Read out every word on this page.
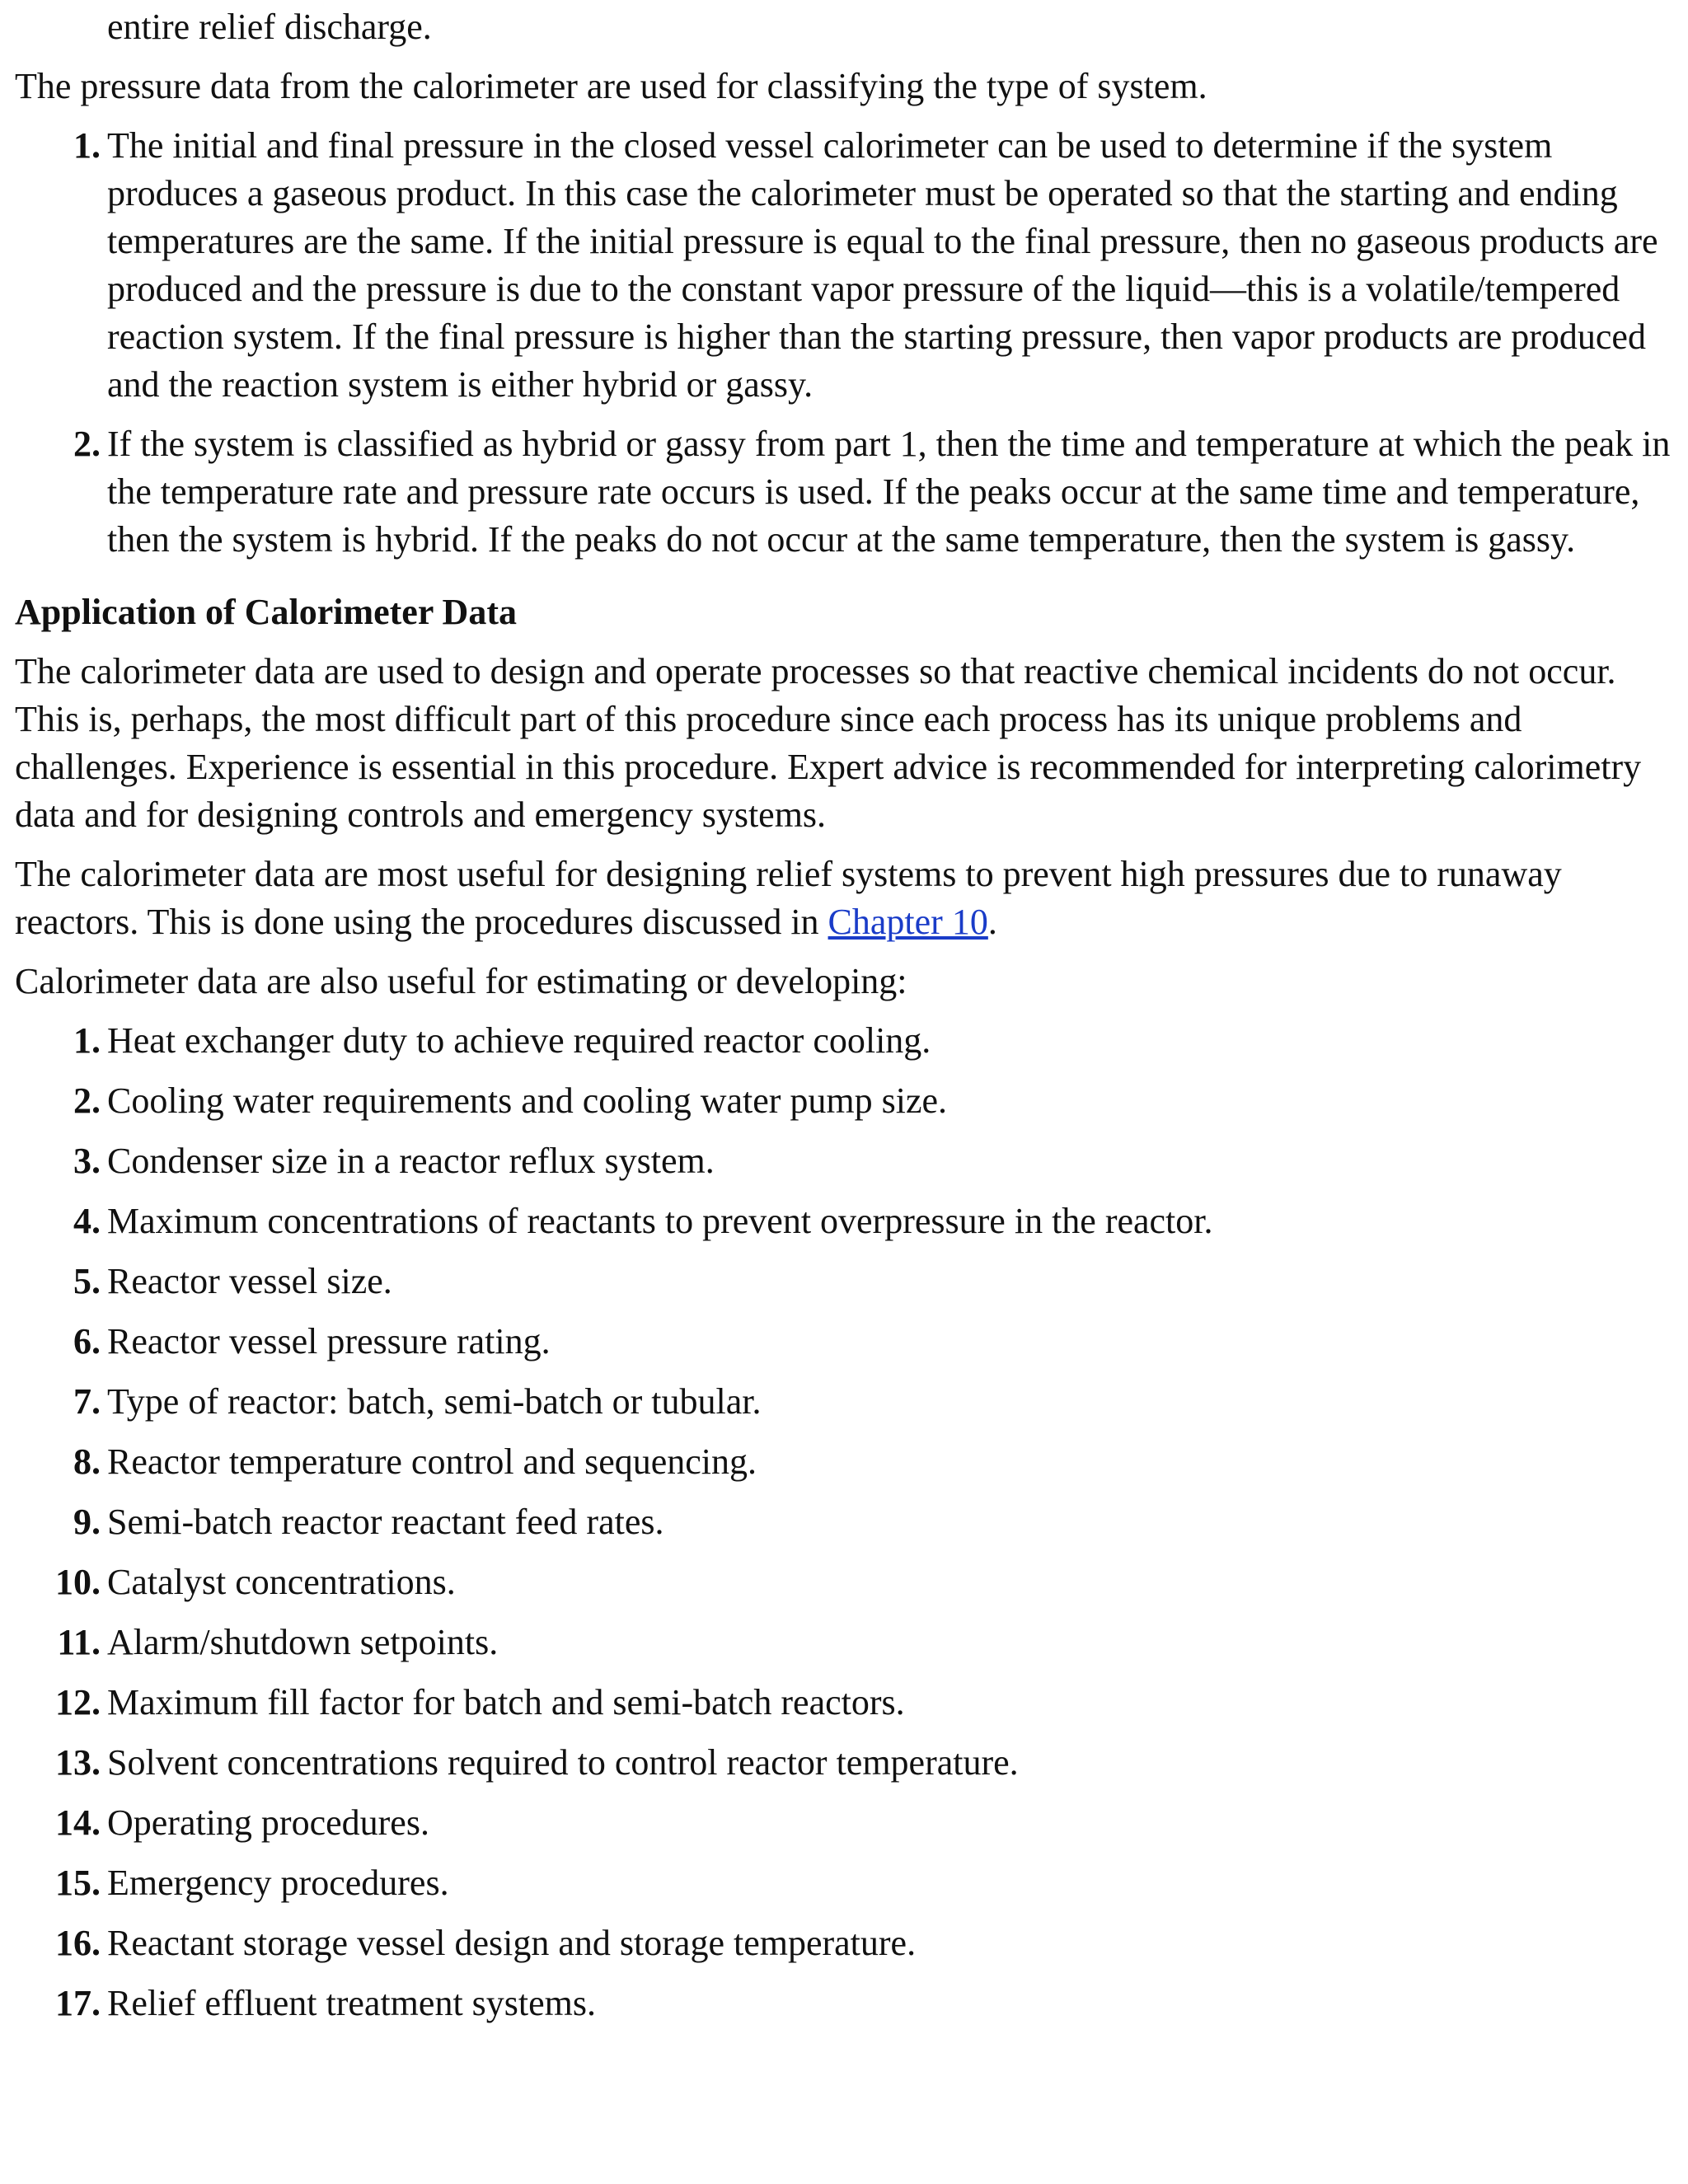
entire relief discharge.

The pressure data from the calorimeter are used for classifying the type of system.

1. The initial and final pressure in the closed vessel calorimeter can be used to determine if the system produces a gaseous product. In this case the calorimeter must be operated so that the starting and ending temperatures are the same. If the initial pressure is equal to the final pressure, then no gaseous products are produced and the pressure is due to the constant vapor pressure of the liquid—this is a volatile/tempered reaction system. If the final pressure is higher than the starting pressure, then vapor products are produced and the reaction system is either hybrid or gassy.
2. If the system is classified as hybrid or gassy from part 1, then the time and temperature at which the peak in the temperature rate and pressure rate occurs is used. If the peaks occur at the same time and temperature, then the system is hybrid. If the peaks do not occur at the same temperature, then the system is gassy.

Application of Calorimeter Data

The calorimeter data are used to design and operate processes so that reactive chemical incidents do not occur. This is, perhaps, the most difficult part of this procedure since each process has its unique problems and challenges. Experience is essential in this procedure. Expert advice is recommended for interpreting calorimetry data and for designing controls and emergency systems.

The calorimeter data are most useful for designing relief systems to prevent high pressures due to runaway reactors. This is done using the procedures discussed in Chapter 10.

Calorimeter data are also useful for estimating or developing:

1. Heat exchanger duty to achieve required reactor cooling.
2. Cooling water requirements and cooling water pump size.
3. Condenser size in a reactor reflux system.
4. Maximum concentrations of reactants to prevent overpressure in the reactor.
5. Reactor vessel size.
6. Reactor vessel pressure rating.
7. Type of reactor: batch, semi-batch or tubular.
8. Reactor temperature control and sequencing.
9. Semi-batch reactor reactant feed rates.
10. Catalyst concentrations.
11. Alarm/shutdown setpoints.
12. Maximum fill factor for batch and semi-batch reactors.
13. Solvent concentrations required to control reactor temperature.
14. Operating procedures.
15. Emergency procedures.
16. Reactant storage vessel design and storage temperature.
17. Relief effluent treatment systems.
